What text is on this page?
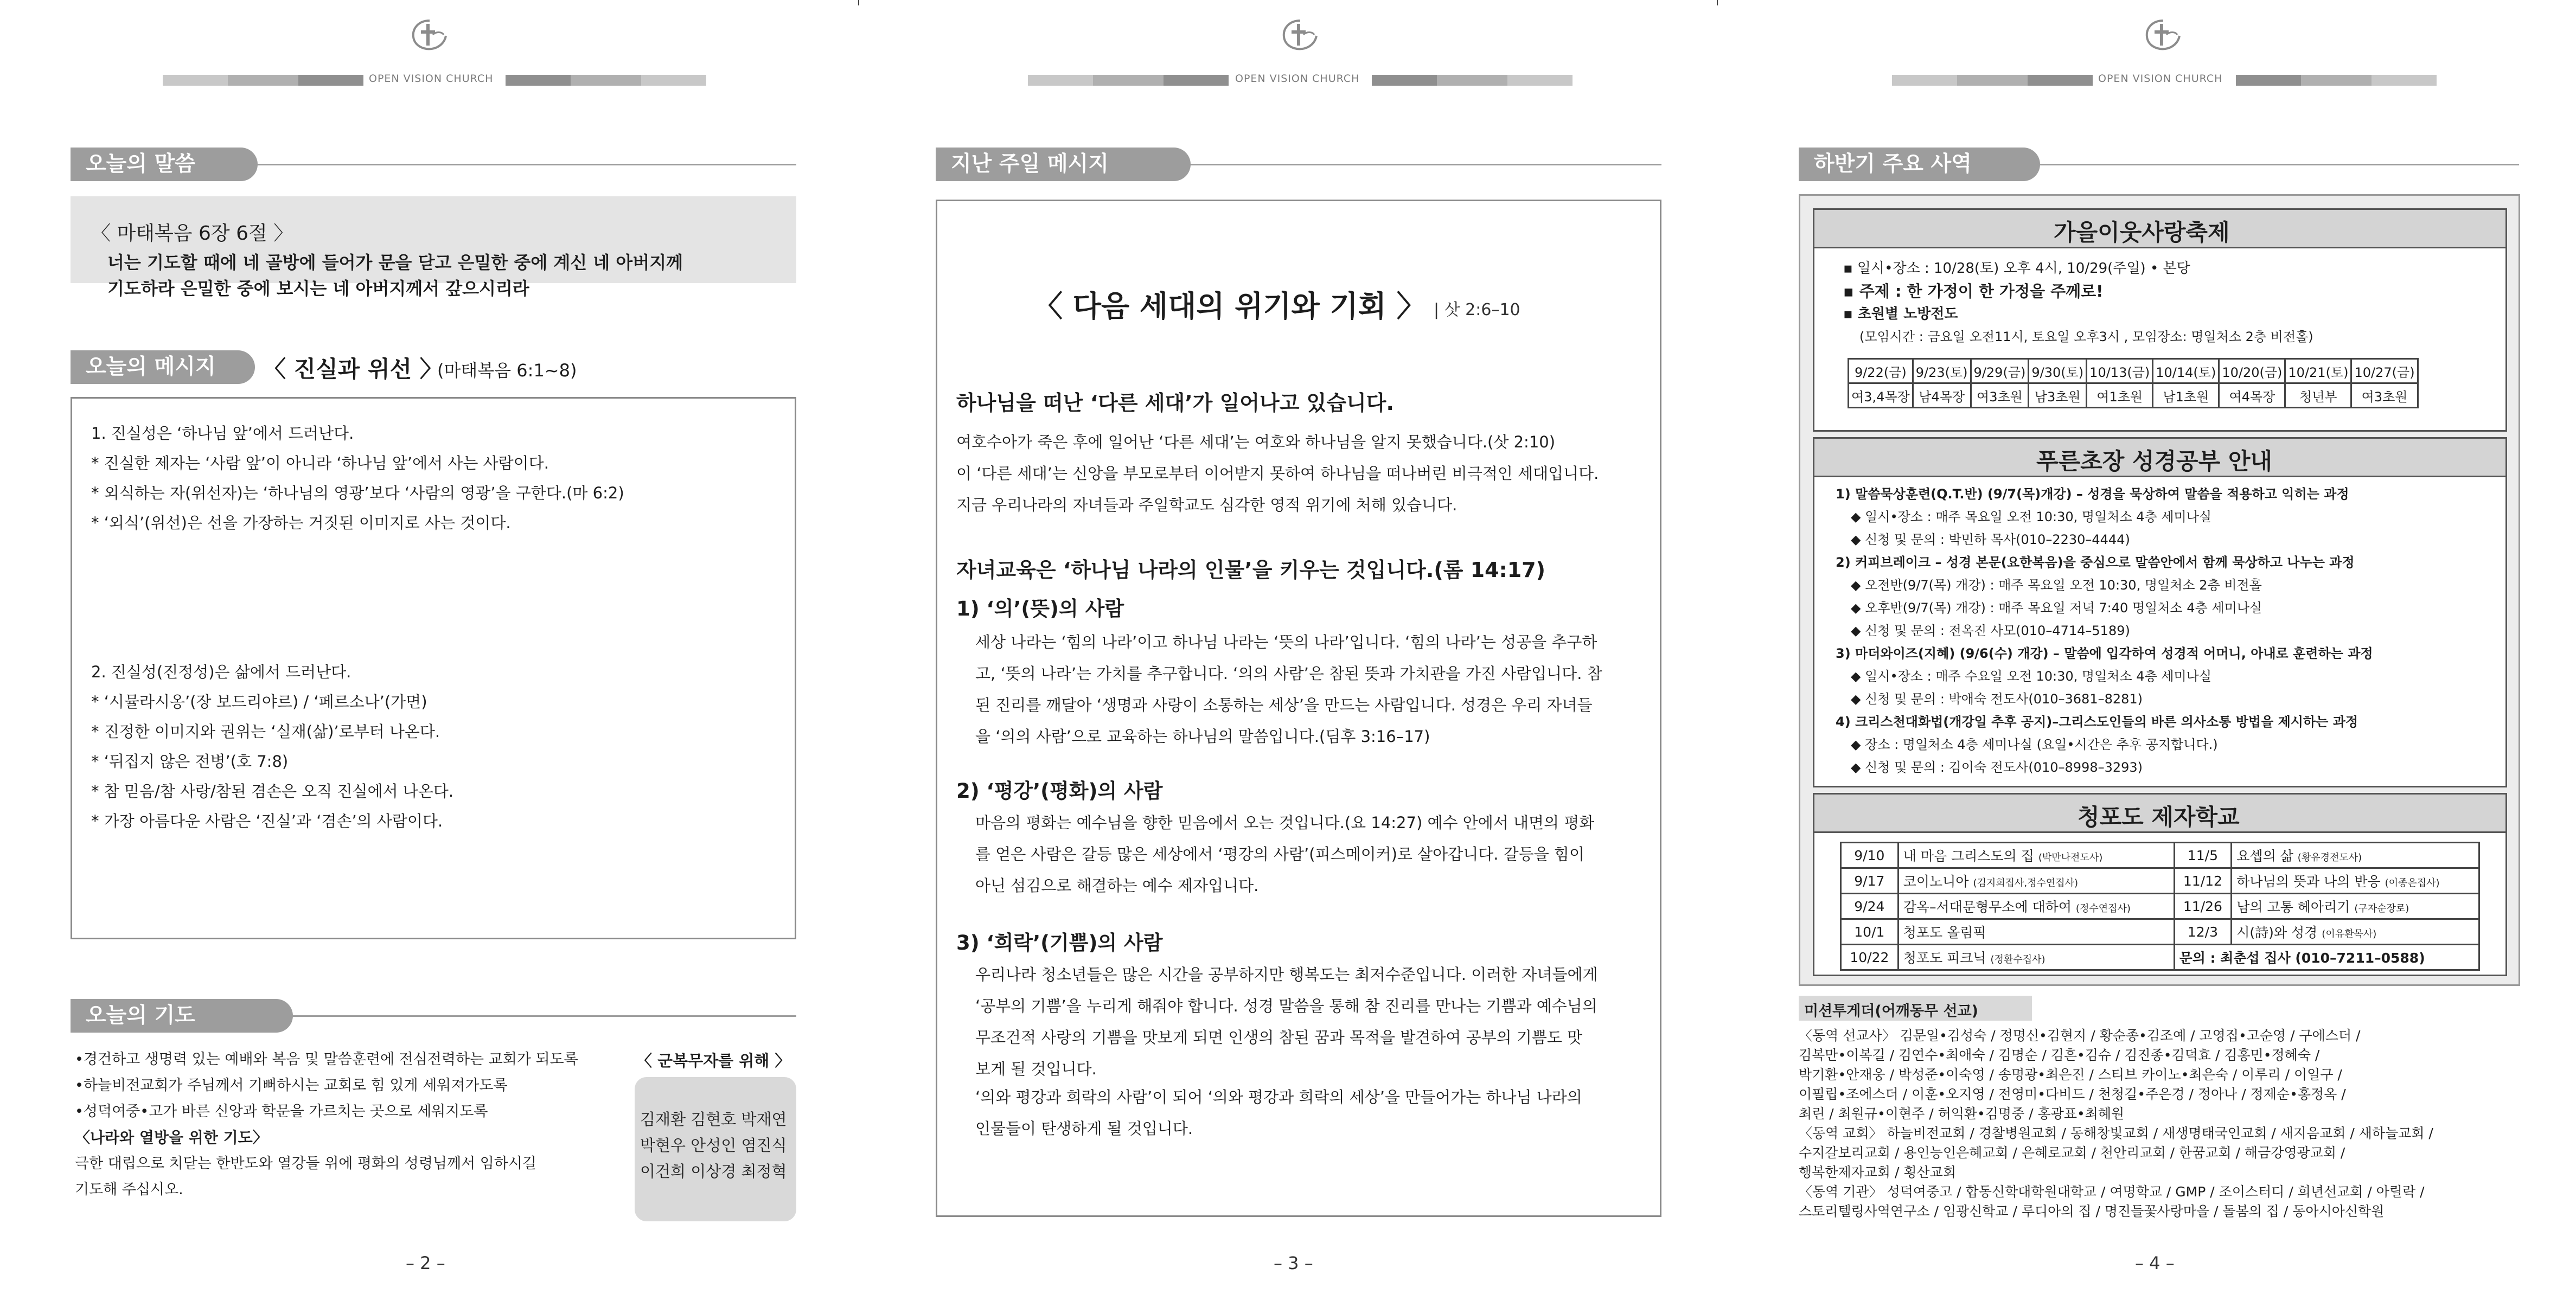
OPEN VISION CHURCH
오늘의 말씀
〈 마태복음 6장 6절 〉
너는 기도할 때에 네 골방에 들어가 문을 닫고 은밀한 중에 계신 네 아버지께
기도하라 은밀한 중에 보시는 네 아버지께서 갚으시리라
오늘의 메시지	〈 진실과 위선 〉
(마태복음 6:1~8)
1. 진실성은 ‘하나님 앞’에서 드러난다.
* 진실한 제자는 ‘사람 앞’이 아니라 ‘하나님 앞’에서 사는 사람이다.
* 외식하는 자(위선자)는 ‘하나님의 영광’보다 ‘사람의 영광’을 구한다.(마 6:2)
* ‘외식’(위선)은 선을 가장하는 거짓된 이미지로 사는 것이다.
2. 진실성(진정성)은 삶에서 드러난다.
* ‘시뮬라시옹’(장 보드리야르) / ‘페르소나’(가면)
* 진정한 이미지와 권위는 ‘실재(삶)’로부터 나온다.
* ‘뒤집지 않은 전병’(호 7:8)
* 참 믿음/참 사랑/참된 겸손은 오직 진실에서 나온다.
* 가장 아름다운 사람은 ‘진실’과 ‘겸손’의 사람이다.
오늘의 기도
•경건하고 생명력 있는 예배와 복음 및 말씀훈련에 전심전력하는 교회가 되도록
•하늘비전교회가 주님께서 기뻐하시는 교회로 힘 있게 세워져가도록
•성덕여중•고가 바른 신앙과 학문을 가르치는 곳으로 세워지도록
〈나라와 열방을 위한 기도〉
극한 대립으로 치닫는 한반도와 열강들 위에 평화의 성령님께서 임하시길
기도해 주십시오.
〈 군복무자를 위해 〉
김재환 김현호 박재연
박현우 안성인 염진식
이건희 이상경 최정혁
– 2 –
OPEN VISION CHURCH
지난 주일 메시지
〈 다음 세대의 위기와 기회 〉 | 삿 2:6–10
하나님을 떠난 ‘다른 세대’가 일어나고 있습니다.
여호수아가 죽은 후에 일어난 ‘다른 세대’는 여호와 하나님을 알지 못했습니다.(삿 2:10)
이 ‘다른 세대’는 신앙을 부모로부터 이어받지 못하여 하나님을 떠나버린 비극적인 세대입니다.
지금 우리나라의 자녀들과 주일학교도 심각한 영적 위기에 처해 있습니다.
자녀교육은 ‘하나님 나라의 인물’을 키우는 것입니다.(롬 14:17)
1) ‘의’(뜻)의 사람
세상 나라는 ‘힘의 나라’이고 하나님 나라는 ‘뜻의 나라’입니다. ‘힘의 나라’는 성공을 추구하
고, ‘뜻의 나라’는 가치를 추구합니다. ‘의의 사람’은 참된 뜻과 가치관을 가진 사람입니다. 참
된 진리를 깨달아 ‘생명과 사랑이 소통하는 세상’을 만드는 사람입니다. 성경은 우리 자녀들
을 ‘의의 사람’으로 교육하는 하나님의 말씀입니다.(딤후 3:16–17)
2) ‘평강’(평화)의 사람
마음의 평화는 예수님을 향한 믿음에서 오는 것입니다.(요 14:27) 예수 안에서 내면의 평화
를 얻은 사람은 갈등 많은 세상에서 ‘평강의 사람’(피스메이커)로 살아갑니다. 갈등을 힘이
아닌 섬김으로 해결하는 예수 제자입니다.
3) ‘희락’(기쁨)의 사람
우리나라 청소년들은 많은 시간을 공부하지만 행복도는 최저수준입니다. 이러한 자녀들에게
‘공부의 기쁨’을 누리게 해줘야 합니다. 성경 말씀을 통해 참 진리를 만나는 기쁨과 예수님의
무조건적 사랑의 기쁨을 맛보게 되면 인생의 참된 꿈과 목적을 발견하여 공부의 기쁨도 맛
보게 될 것입니다.
‘의와 평강과 희락의 사람’이 되어 ‘의와 평강과 희락의 세상’을 만들어가는 하나님 나라의
인물들이 탄생하게 될 것입니다.
– 3 –
OPEN VISION CHURCH
하반기 주요 사역
가을이웃사랑축제
▪ 일시•장소 : 10/28(토) 오후 4시, 10/29(주일) • 본당
▪ 주제 : 한 가정이 한 가정을 주께로!
▪ 초원별 노방전도
(모임시간 : 금요일 오전11시, 토요일 오후3시 , 모임장소: 명일처소 2층 비전홀)
9/22(금)	9/23(토)	9/29(금)	9/30(토)	10/13(금)	10/14(토)	10/20(금)	10/21(토)	10/27(금)
여3,4목장	남4목장	여3초원	남3초원	여1초원	남1초원	여4목장	청년부	여3초원
푸른초장 성경공부 안내
1) 말씀묵상훈련(Q.T.반) (9/7(목)개강) – 성경을 묵상하여 말씀을 적용하고 익히는 과정
◆ 일시•장소 : 매주 목요일 오전 10:30, 명일처소 4층 세미나실
◆ 신청 및 문의 : 박민하 목사(010–2230–4444)
2) 커피브레이크 – 성경 본문(요한복음)을 중심으로 말씀안에서 함께 묵상하고 나누는 과정
◆ 오전반(9/7(목) 개강) : 매주 목요일 오전 10:30, 명일처소 2층 비전홀
◆ 오후반(9/7(목) 개강) : 매주 목요일 저녁 7:40 명일처소 4층 세미나실
◆ 신청 및 문의 : 전옥진 사모(010–4714–5189)
3) 마더와이즈(지혜) (9/6(수) 개강) – 말씀에 입각하여 성경적 어머니, 아내로 훈련하는 과정
◆ 일시•장소 : 매주 수요일 오전 10:30, 명일처소 4층 세미나실
◆ 신청 및 문의 : 박애숙 전도사(010–3681–8281)
4) 크리스천대화법(개강일 추후 공지)–그리스도인들의 바른 의사소통 방법을 제시하는 과정
◆ 장소 : 명일처소 4층 세미나실 (요일•시간은 추후 공지합니다.)
◆ 신청 및 문의 : 김이숙 전도사(010–8998–3293)
청포도 제자학교
9/10	내 마음 그리스도의 집 (박만나전도사)	11/5	요셉의 삶 (황유경전도사)
9/17	코이노니아 (김지희집사,정수연집사)	11/12	하나님의 뜻과 나의 반응 (이종은집사)
9/24	감옥–서대문형무소에 대하여 (정수연집사)	11/26	남의 고통 헤아리기 (구자순장로)
10/1	청포도 올림픽	12/3	시(詩)와 성경 (이유환목사)
10/22	청포도 피크닉 (정환수집사)	문의 : 최춘섭 집사 (010–7211–0588)	
미션투게더(어깨동무 선교)
〈동역 선교사〉 김문일•김성숙 / 정명신•김현지 / 황순종•김조예 / 고영집•고순영 / 구에스더 /
김복만•이복길 / 김연수•최애숙 / 김명순 / 김흔•김슈 / 김진종•김덕효 / 김홍민•정혜숙 /
박기환•안재웅 / 박성준•이숙영 / 송명광•최은진 / 스티브 카이노•최은숙 / 이루리 / 이일구 /
이필립•조에스더 / 이훈•오지영 / 전영미•다비드 / 천청길•주은경 / 정아나 / 정제순•홍정옥 /
최린 / 최원규•이현주 / 허익환•김명중 / 홍광표•최혜원
〈동역 교회〉 하늘비전교회 / 경찰병원교회 / 동해창빛교회 / 새생명태국인교회 / 새지음교회 / 새하늘교회 /
수지갈보리교회 / 용인능인은혜교회 / 은혜로교회 / 천안리교회 / 한꿈교회 / 해금강영광교회 /
행복한제자교회 / 횡산교회
〈동역 기관〉 성덕여중고 / 합동신학대학원대학교 / 여명학교 / GMP / 조이스터디 / 희년선교회 / 아릴락 /
스토리텔링사역연구소 / 임광신학교 / 루디아의 집 / 명진들꽃사랑마을 / 돌봄의 집 / 동아시아신학원
– 4 –
